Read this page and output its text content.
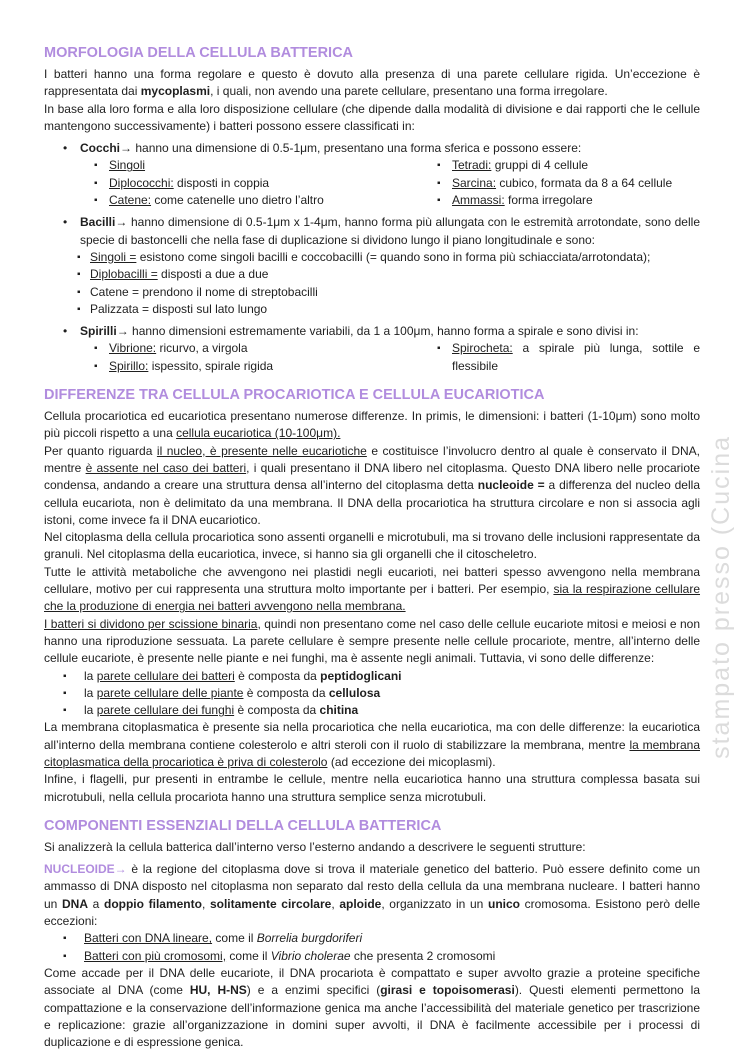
MORFOLOGIA DELLA CELLULA BATTERICA
I batteri hanno una forma regolare e questo è dovuto alla presenza di una parete cellulare rigida. Un’eccezione è rappresentata dai mycoplasmi, i quali, non avendo una parete cellulare, presentano una forma irregolare.
In base alla loro forma e alla loro disposizione cellulare (che dipende dalla modalità di divisione e dai rapporti che le cellule mantengono successivamente) i batteri possono essere classificati in:
• Cocchi→ hanno una dimensione di 0.5-1μm, presentano una forma sferica e possono essere:
▪ Singoli
▪ Diplococchi: disposti in coppia
▪ Catene: come catenelle uno dietro l’altro
▪ Tetradi: gruppi di 4 cellule
▪ Sarcina: cubico, formata da 8 a 64 cellule
▪ Ammassi: forma irregolare
• Bacilli→ hanno dimensione di 0.5-1μm x 1-4μm, hanno forma più allungata con le estremità arrotondate, sono delle specie di bastoncelli che nella fase di duplicazione si dividono lungo il piano longitudinale e sono:
▪ Singoli = esistono come singoli bacilli e coccobacilli (= quando sono in forma più schiacciata/arrotondata);
▪ Diplobacilli = disposti a due a due
▪ Catene = prendono il nome di streptobacilli
▪ Palizzata = disposti sul lato lungo
• Spirilli→ hanno dimensioni estremamente variabili, da 1 a 100μm, hanno forma a spirale e sono divisi in:
▪ Vibrione: ricurvo, a virgola
▪ Spirillo: ispessito, spirale rigida
▪ Spirocheta: a spirale più lunga, sottile e flessibile
DIFFERENZE TRA CELLULA PROCARIOTICA E CELLULA EUCARIOTICA
Cellula procariotica ed eucariotica presentano numerose differenze. In primis, le dimensioni: i batteri (1-10μm) sono molto più piccoli rispetto a una cellula eucariotica (10-100μm).
Per quanto riguarda il nucleo, è presente nelle eucariotiche e costituisce l’involucro dentro al quale è conservato il DNA, mentre è assente nel caso dei batteri, i quali presentano il DNA libero nel citoplasma. Questo DNA libero nelle procariote condensa, andando a creare una struttura densa all’interno del citoplasma detta nucleoide = a differenza del nucleo della cellula eucariota, non è delimitato da una membrana. Il DNA della procariotica ha struttura circolare e non si associa agli istoni, come invece fa il DNA eucariotico.
Nel citoplasma della cellula procariotica sono assenti organelli e microtubuli, ma si trovano delle inclusioni rappresentate da granuli. Nel citoplasma della eucariotica, invece, si hanno sia gli organelli che il citoscheletro.
Tutte le attività metaboliche che avvengono nei plastidi negli eucarioti, nei batteri spesso avvengono nella membrana cellulare, motivo per cui rappresenta una struttura molto importante per i batteri. Per esempio, sia la respirazione cellulare che la produzione di energia nei batteri avvengono nella membrana.
I batteri si dividono per scissione binaria, quindi non presentano come nel caso delle cellule eucariote mitosi e meiosi e non hanno una riproduzione sessuata. La parete cellulare è sempre presente nelle cellule procariote, mentre, all’interno delle cellule eucariote, è presente nelle piante e nei funghi, ma è assente negli animali. Tuttavia, vi sono delle differenze:
▪ la parete cellulare dei batteri è composta da peptidoglicani
▪ la parete cellulare delle piante è composta da cellulosa
▪ la parete cellulare dei funghi è composta da chitina
La membrana citoplasmatica è presente sia nella procariotica che nella eucariotica, ma con delle differenze: la eucariotica all’interno della membrana contiene colesterolo e altri steroli con il ruolo di stabilizzare la membrana, mentre la membrana citoplasmatica della procariotica è priva di colesterolo (ad eccezione dei micoplasmi).
Infine, i flagelli, pur presenti in entrambe le cellule, mentre nella eucariotica hanno una struttura complessa basata sui microtubuli, nella cellula procariota hanno una struttura semplice senza microtubuli.
COMPONENTI ESSENZIALI DELLA CELLULA BATTERICA
Si analizzerà la cellula batterica dall’interno verso l’esterno andando a descrivere le seguenti strutture:
NUCLEOIDE→ è la regione del citoplasma dove si trova il materiale genetico del batterio. Può essere definito come un ammasso di DNA disposto nel citoplasma non separato dal resto della cellula da una membrana nucleare. I batteri hanno un DNA a doppio filamento, solitamente circolare, aploide, organizzato in un unico cromosoma. Esistono però delle eccezioni:
▪ Batteri con DNA lineare, come il Borrelia burgdoriferi
▪ Batteri con più cromosomi, come il Vibrio cholerae che presenta 2 cromosomi
Come accade per il DNA delle eucariote, il DNA procariota è compattato e super avvolto grazie a proteine specifiche associate al DNA (come HU, H-NS) e a enzimi specifici (girasi e topoisomerasi). Questi elementi permettono la compattazione e la conservazione dell’informazione genica ma anche l’accessibilità del materiale genetico per trascrizione e replicazione: grazie all’organizzazione in domini super avvolti, il DNA è facilmente accessibile per i processi di duplicazione e di espressione genica.
stampato presso (Cucina
